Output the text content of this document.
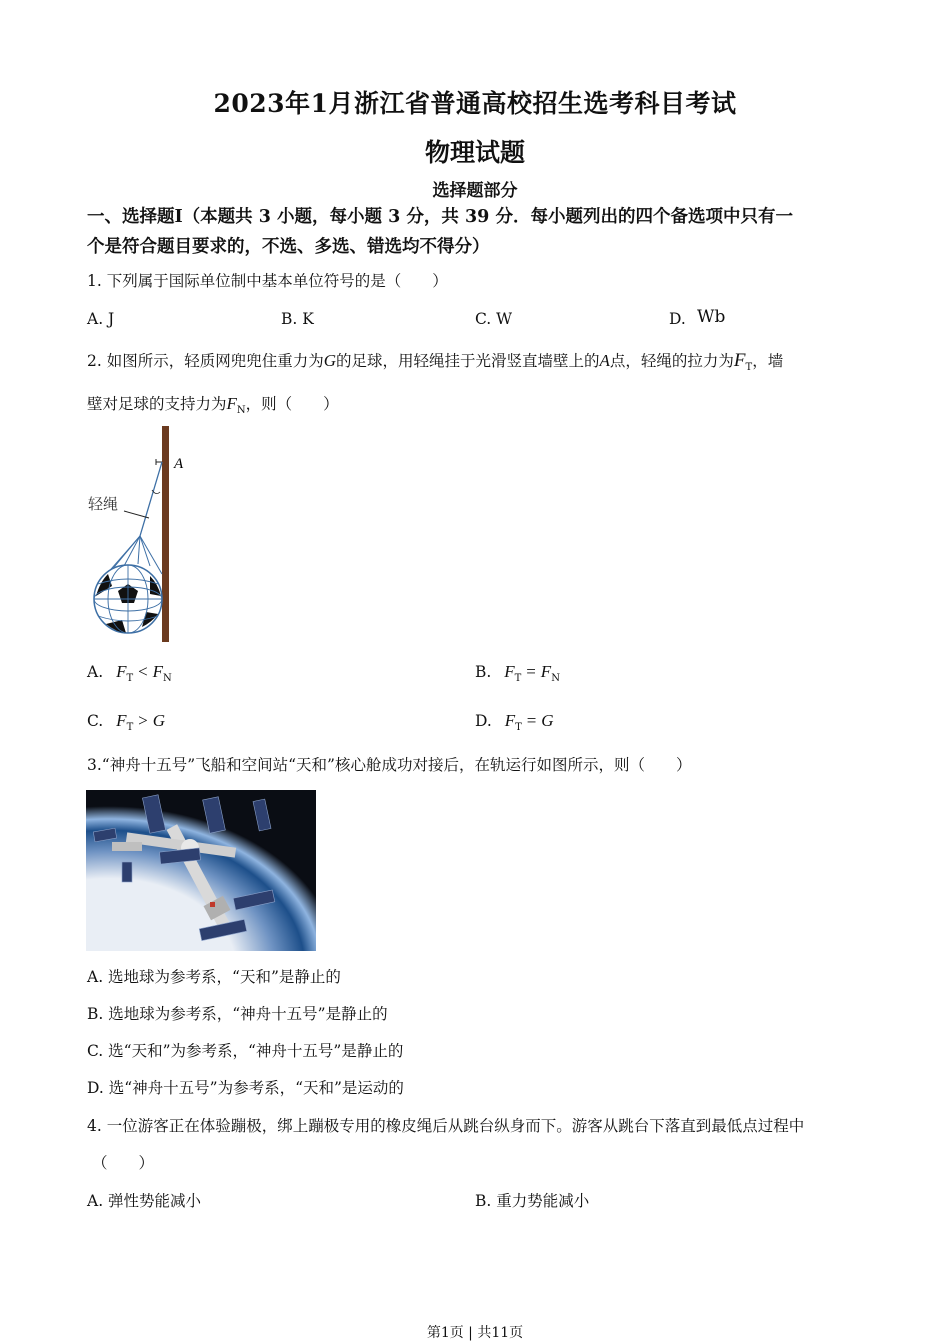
2023年1月浙江省普通高校招生选考科目考试
物理试题
选择题部分
一、选择题Ⅰ（本题共 3 小题，每小题 3 分，共 39 分．每小题列出的四个备选项中只有一
个是符合题目要求的，不选、多选、错选均不得分）
1. 下列属于国际单位制中基本单位符号的是（　　）
A. J	B. K	C. W	D. Wb
2. 如图所示，轻质网兜兜住重力为G的足球，用轻绳挂于光滑竖直墙壁上的A点，轻绳的拉力为$F_T$，墙
壁对足球的支持力为$F_N$，则（　　）
A
轻绳
A. $F_T < F_N$	B. $F_T = F_N$
C. $F_T > G$	D. $F_T = G$
3.“神舟十五号”飞船和空间站“天和”核心舱成功对接后，在轨运行如图所示，则（　　）
A. 选地球为参考系，“天和”是静止的
B. 选地球为参考系，“神舟十五号”是静止的
C. 选“天和”为参考系，“神舟十五号”是静止的
D. 选“神舟十五号”为参考系，“天和”是运动的
4. 一位游客正在体验蹦极，绑上蹦极专用的橡皮绳后从跳台纵身而下。游客从跳台下落直到最低点过程中
（　　）
A. 弹性势能减小	B. 重力势能减小
第1页 | 共11页
